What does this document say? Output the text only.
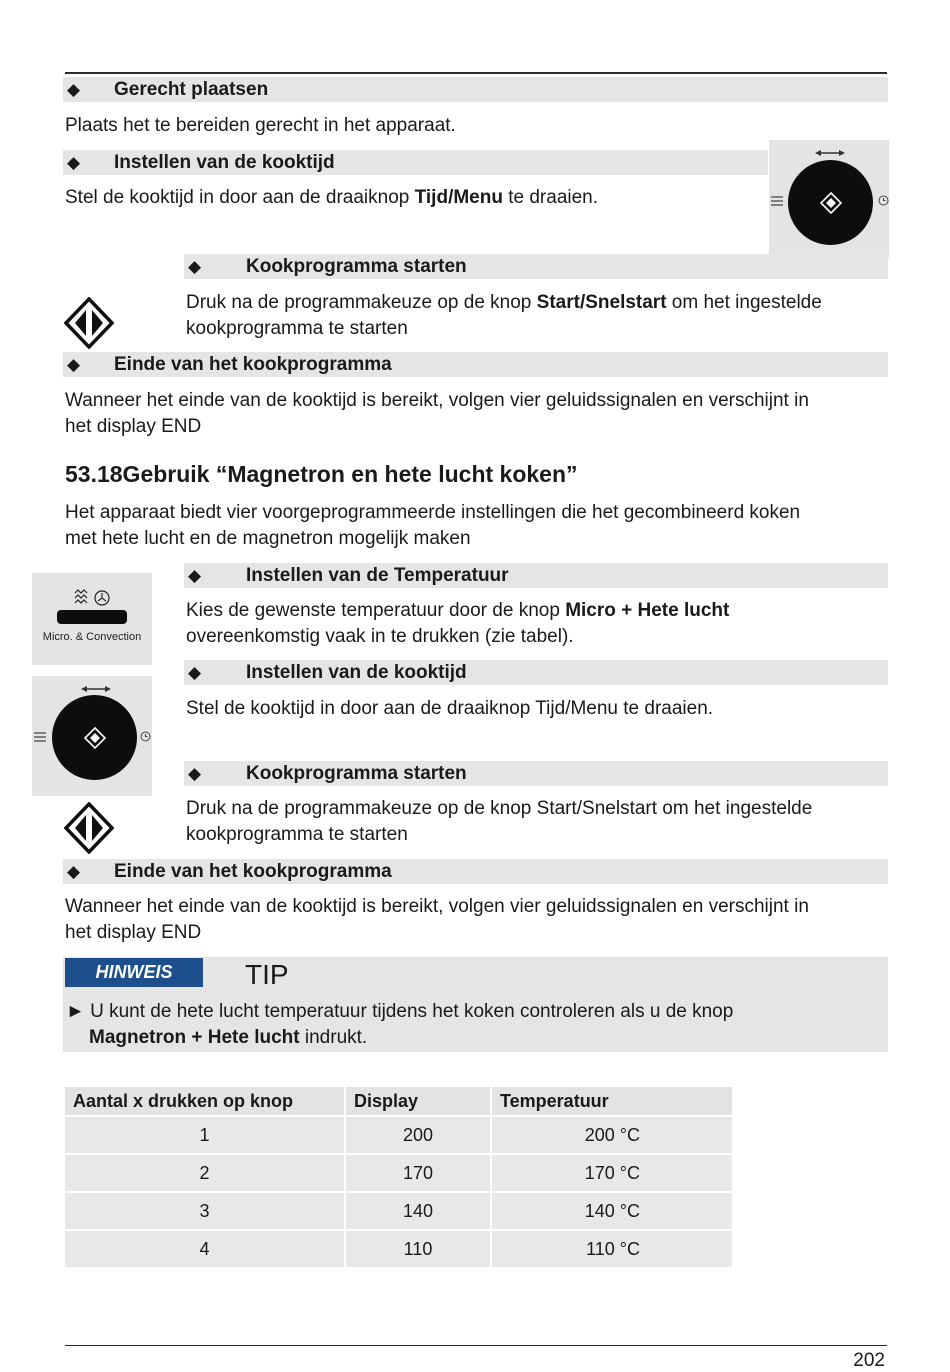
◆ Gerecht plaatsen
Plaats het te bereiden gerecht in het apparaat.
◆ Instellen van de kooktijd
Stel de kooktijd in door aan de draaiknop Tijd/Menu te draaien.
◆ Kookprogramma starten
Druk na de programmakeuze op de knop Start/Snelstart om het ingestelde
kookprogramma te starten
◆ Einde van het kookprogramma
Wanneer het einde van de kooktijd is bereikt, volgen vier geluidssignalen en verschijnt in
het display END
53.18Gebruik “Magnetron en hete lucht koken”
Het apparaat biedt vier voorgeprogrammeerde instellingen die het gecombineerd koken
met hete lucht en de magnetron mogelijk maken
Micro. & Convection
◆ Instellen van de Temperatuur
Kies de gewenste temperatuur door de knop Micro + Hete lucht
overeenkomstig vaak in te drukken (zie tabel).
◆ Instellen van de kooktijd
Stel de kooktijd in door aan de draaiknop Tijd/Menu te draaien.
◆ Kookprogramma starten
Druk na de programmakeuze op de knop Start/Snelstart om het ingestelde
kookprogramma te starten
◆ Einde van het kookprogramma
Wanneer het einde van de kooktijd is bereikt, volgen vier geluidssignalen en verschijnt in
het display END
HINWEIS	TIP
► U kunt de hete lucht temperatuur tijdens het koken controleren als u de knop
Magnetron + Hete lucht indrukt.
Aantal x drukken op knop	Display	Temperatuur
1	200	200 °C
2	170	170 °C
3	140	140 °C
4	110	110 °C
202
